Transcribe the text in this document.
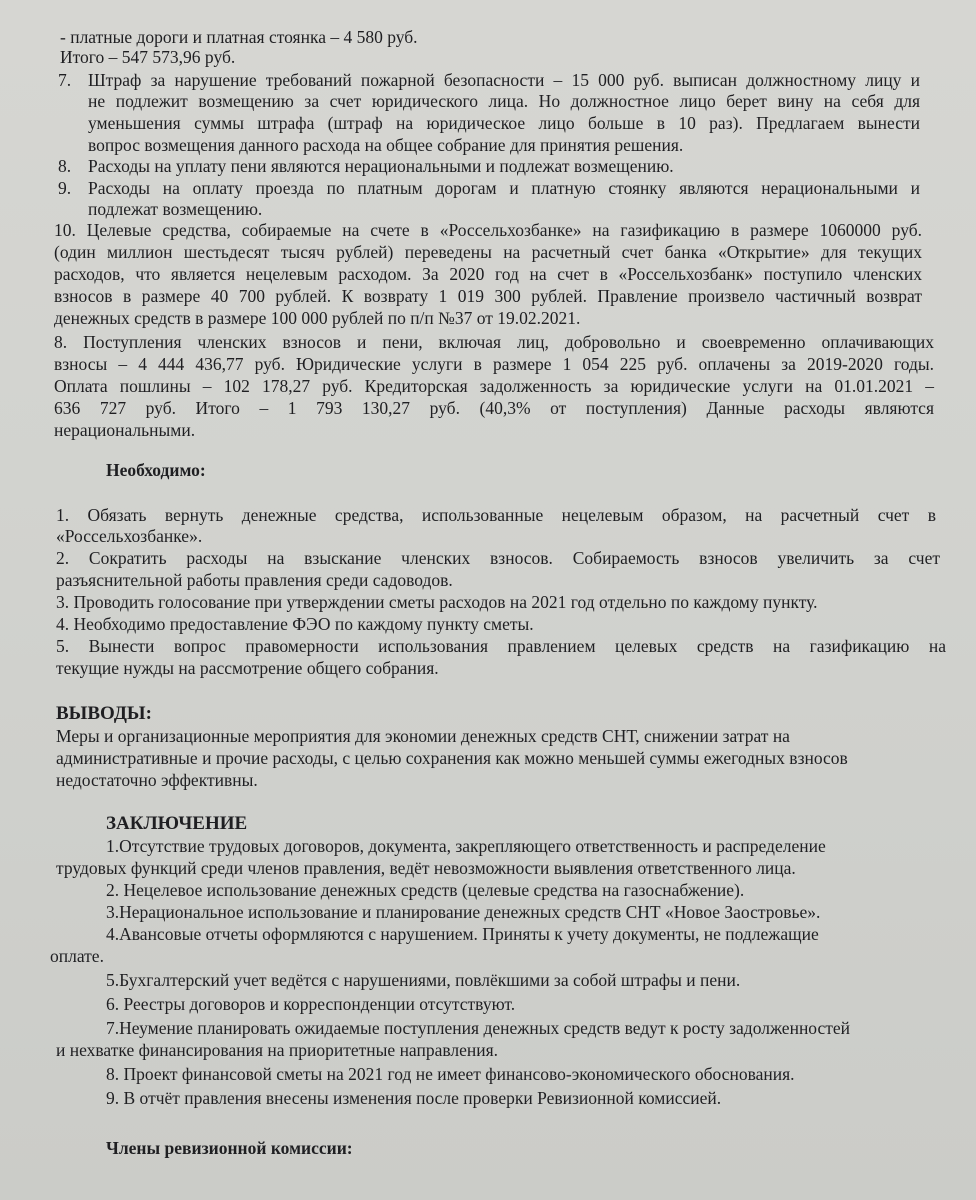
- платные дороги и платная стоянка – 4 580 руб.

Итого – 547 573,96 руб.

7. Штраф за нарушение требований пожарной безопасности – 15 000 руб. выписан должностному лицу и

не подлежит возмещению за счет юридического лица. Но должностное лицо берет вину на себя для

уменьшения суммы штрафа (штраф на юридическое лицо больше в 10 раз). Предлагаем вынести

вопрос возмещения данного расхода на общее собрание для принятия решения.

8. Расходы на уплату пени являются нерациональными и подлежат возмещению.

9. Расходы на оплату проезда по платным дорогам и платную стоянку являются нерациональными и

подлежат возмещению.

10. Целевые средства, собираемые на счете в «Россельхозбанке» на газификацию в размере 1060000 руб.

(один миллион шестьдесят тысяч рублей) переведены на расчетный счет банка «Открытие» для текущих

расходов, что является нецелевым расходом. За 2020 год на счет в «Россельхозбанк» поступило членских

взносов в размере 40 700 рублей. К возврату 1 019 300 рублей. Правление произвело частичный возврат

денежных средств в размере 100 000 рублей по п/п №37 от 19.02.2021.

8. Поступления членских взносов и пени, включая лиц, добровольно и своевременно оплачивающих

взносы – 4 444 436,77 руб. Юридические услуги в размере 1 054 225 руб. оплачены за 2019-2020 годы.

Оплата пошлины – 102 178,27 руб. Кредиторская задолженность за юридические услуги на 01.01.2021 –

636 727 руб. Итого – 1 793 130,27 руб. (40,3% от поступления) Данные расходы являются

нерациональными.

Необходимо:

1. Обязать вернуть денежные средства, использованные нецелевым образом, на расчетный счет в

«Россельхозбанке».

2. Сократить расходы на взыскание членских взносов. Собираемость взносов увеличить за счет

разъяснительной работы правления среди садоводов.

3. Проводить голосование при утверждении сметы расходов на 2021 год отдельно по каждому пункту.

4. Необходимо предоставление ФЭО по каждому пункту сметы.

5. Вынести вопрос правомерности использования правлением целевых средств на газификацию на

текущие нужды на рассмотрение общего собрания.

ВЫВОДЫ:

Меры и организационные мероприятия для экономии денежных средств СНТ, снижении затрат на

административные и прочие расходы, с целью сохранения как можно меньшей суммы ежегодных взносов

недостаточно эффективны.

ЗАКЛЮЧЕНИЕ

1.Отсутствие трудовых договоров, документа, закрепляющего ответственность и распределение

трудовых функций среди членов правления, ведёт невозможности выявления ответственного лица.

2. Нецелевое использование денежных средств (целевые средства на газоснабжение).

3.Нерациональное использование и планирование денежных средств СНТ «Новое Заостровье».

4.Авансовые отчеты оформляются с нарушением. Приняты к учету документы, не подлежащие

оплате.

5.Бухгалтерский учет ведётся с нарушениями, повлёкшими за собой штрафы и пени.

6. Реестры договоров и корреспонденции отсутствуют.

7.Неумение планировать ожидаемые поступления денежных средств ведут к росту задолженностей

и нехватке финансирования на приоритетные направления.

8. Проект финансовой сметы на 2021 год не имеет финансово-экономического обоснования.

9. В отчёт правления внесены изменения после проверки Ревизионной комиссией.

Члены ревизионной комиссии:
